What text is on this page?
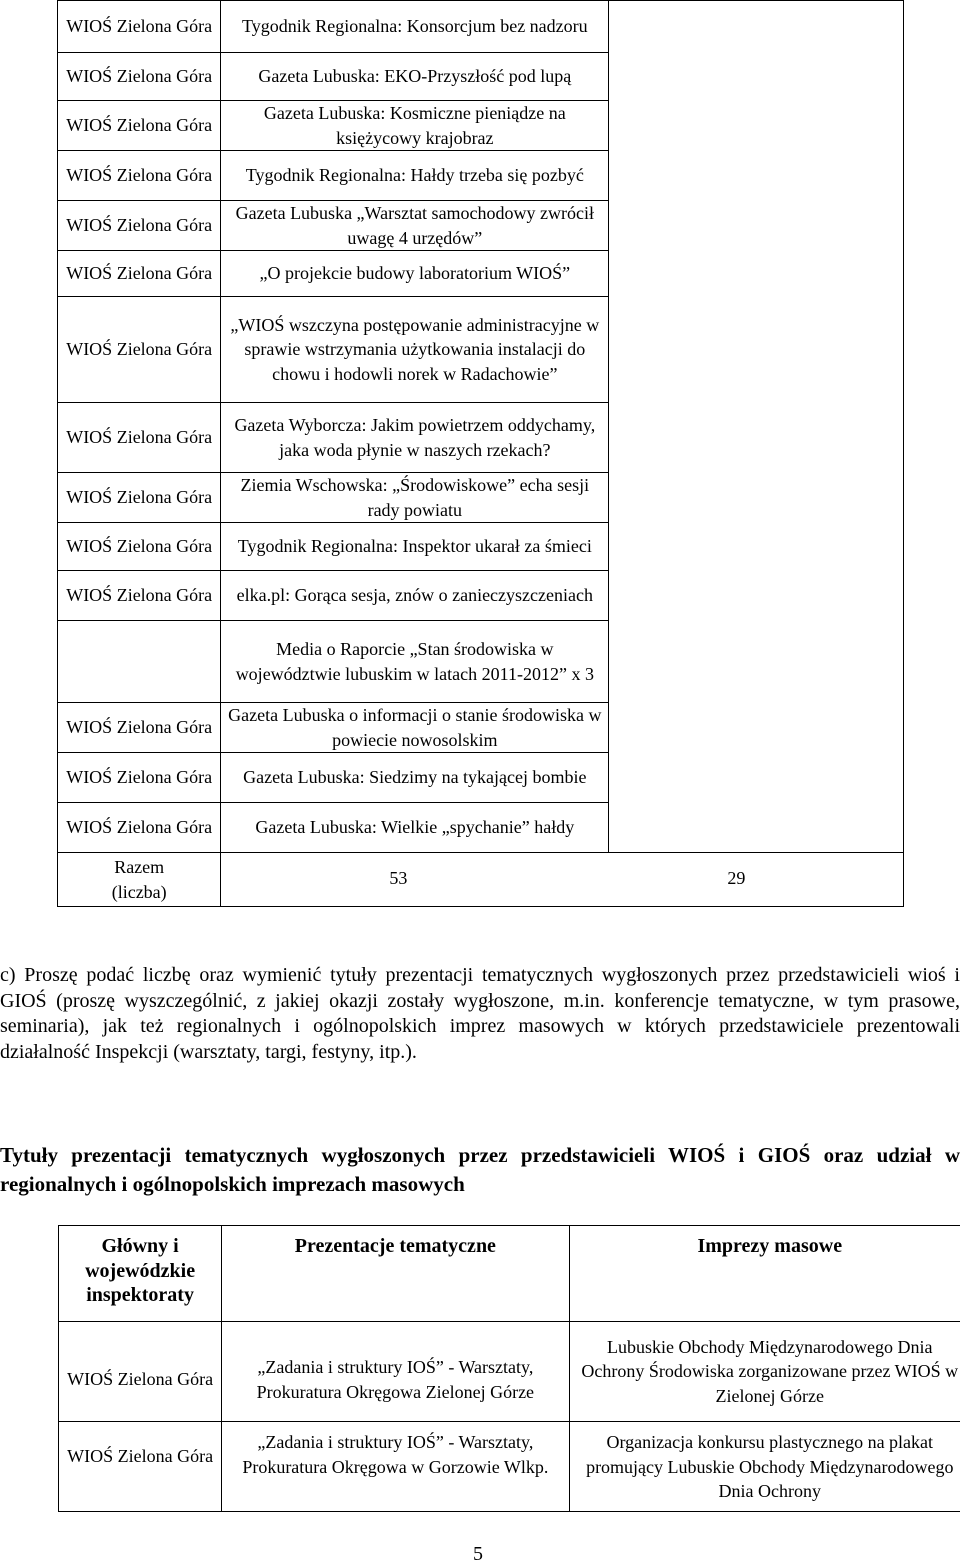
WIOŚ Zielona Góra	Tygodnik Regionalna: Konsorcjum bez nadzoru	
WIOŚ Zielona Góra	Gazeta Lubuska: EKO-Przyszłość pod lupą	
WIOŚ Zielona Góra	Gazeta Lubuska: Kosmiczne pieniądze na księżycowy krajobraz	
WIOŚ Zielona Góra	Tygodnik Regionalna: Hałdy trzeba się pozbyć	
WIOŚ Zielona Góra	Gazeta Lubuska „Warsztat samochodowy zwrócił uwagę 4 urzędów”	
WIOŚ Zielona Góra	„O projekcie budowy laboratorium WIOŚ”	
WIOŚ Zielona Góra	„WIOŚ wszczyna postępowanie administracyjne w sprawie wstrzymania użytkowania instalacji do chowu i hodowli norek w Radachowie”	
WIOŚ Zielona Góra	Gazeta Wyborcza: Jakim powietrzem oddychamy, jaka woda płynie w naszych rzekach?	
WIOŚ Zielona Góra	Ziemia Wschowska: „Środowiskowe” echa sesji rady powiatu	
WIOŚ Zielona Góra	Tygodnik Regionalna: Inspektor ukarał za śmieci	
WIOŚ Zielona Góra	elka.pl: Gorąca sesja, znów o zanieczyszczeniach	
	Media o Raporcie „Stan środowiska w województwie lubuskim w latach 2011-2012” x 3	
WIOŚ Zielona Góra	Gazeta Lubuska o informacji o stanie środowiska w powiecie nowosolskim	
WIOŚ Zielona Góra	Gazeta Lubuska: Siedzimy na tykającej bombie	
WIOŚ Zielona Góra	Gazeta Lubuska: Wielkie „spychanie” hałdy	

Razem
(liczba)	53 29	

c) Proszę podać liczbę oraz wymienić tytuły prezentacji tematycznych wygłoszonych przez przedstawicieli wioś i GIOŚ (proszę wyszczególnić, z jakiej okazji zostały wygłoszone, m.in. konferencje tematyczne, w tym prasowe, seminaria), jak też regionalnych i ogólnopolskich imprez masowych w których przedstawiciele prezentowali działalność Inspekcji (warsztaty, targi, festyny, itp.).

Tytuły prezentacji tematycznych wygłoszonych przez przedstawicieli WIOŚ i GIOŚ oraz udział w regionalnych i ogólnopolskich imprezach masowych
Główny i wojewódzkie inspektoraty	Prezentacje tematyczne	Imprezy masowe
WIOŚ Zielona Góra	„Zadania i struktury IOŚ” - Warsztaty, Prokuratura Okręgowa Zielonej Górze	Lubuskie Obchody Międzynarodowego Dnia Ochrony Środowiska zorganizowane przez WIOŚ w Zielonej Górze
WIOŚ Zielona Góra	„Zadania i struktury IOŚ” - Warsztaty, Prokuratura Okręgowa w Gorzowie Wlkp.	Organizacja konkursu plastycznego na plakat promujący Lubuskie Obchody Międzynarodowego Dnia Ochrony
5
